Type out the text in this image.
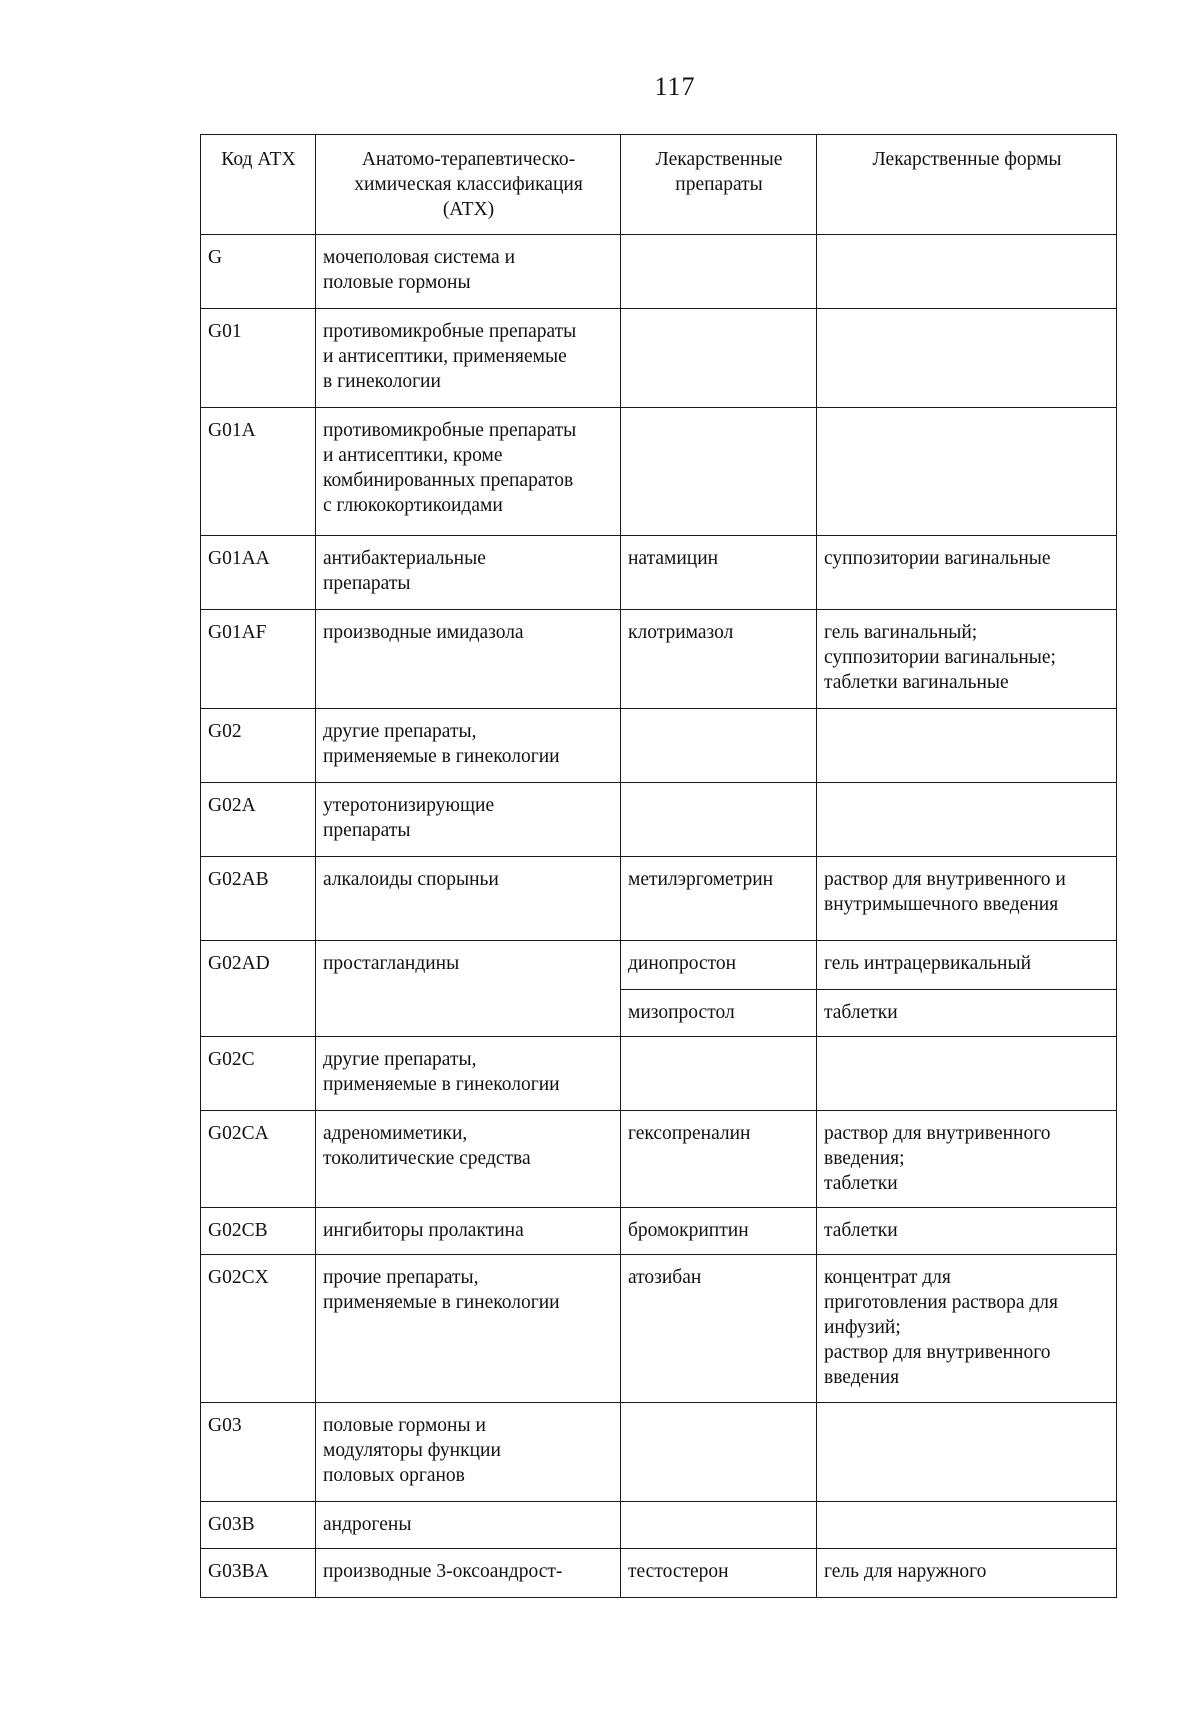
117
Код АТХ	Анатомо-терапевтическо-
химическая классификация
(АТХ)	Лекарственные
препараты	Лекарственные формы
G	мочеполовая система и
половые гормоны		
G01	противомикробные препараты
и антисептики, применяемые
в гинекологии		
G01A	противомикробные препараты
и антисептики, кроме
комбинированных препаратов
с глюкокортикоидами		
G01AA	антибактериальные
препараты	натамицин	суппозитории вагинальные
G01AF	производные имидазола	клотримазол	гель вагинальный;
суппозитории вагинальные;
таблетки вагинальные
G02	другие препараты,
применяемые в гинекологии		
G02A	утеротонизирующие
препараты		
G02AB	алкалоиды спорыньи	метилэргометрин	раствор для внутривенного и
внутримышечного введения
G02AD	простагландины	динопростон	гель интрацервикальный
		мизопростол	таблетки
G02C	другие препараты,
применяемые в гинекологии		
G02CA	адреномиметики,
токолитические средства	гексопреналин	раствор для внутривенного
введения;
таблетки
G02CB	ингибиторы пролактина	бромокриптин	таблетки
G02CX	прочие препараты,
применяемые в гинекологии	атозибан	концентрат для
приготовления раствора для
инфузий;
раствор для внутривенного
введения
G03	половые гормоны и
модуляторы функции
половых органов		
G03B	андрогены		
G03BA	производные 3-оксоандрост-	тестостерон	гель для наружного
